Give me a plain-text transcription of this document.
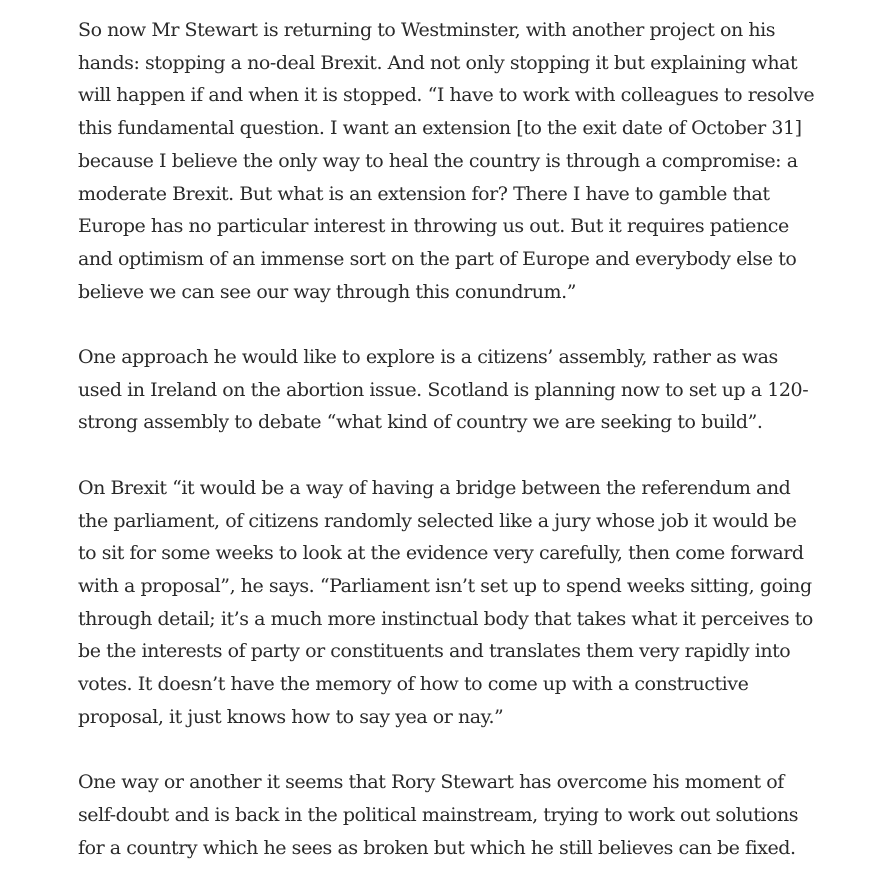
So now Mr Stewart is returning to Westminster, with another project on his hands: stopping a no-deal Brexit. And not only stopping it but explaining what will happen if and when it is stopped. “I have to work with colleagues to resolve this fundamental question. I want an extension [to the exit date of October 31] because I believe the only way to heal the country is through a compromise: a moderate Brexit. But what is an extension for? There I have to gamble that Europe has no particular interest in throwing us out. But it requires patience and optimism of an immense sort on the part of Europe and everybody else to believe we can see our way through this conundrum.”

One approach he would like to explore is a citizens’ assembly, rather as was used in Ireland on the abortion issue. Scotland is planning now to set up a 120-strong assembly to debate “what kind of country we are seeking to build”.

On Brexit “it would be a way of having a bridge between the referendum and the parliament, of citizens randomly selected like a jury whose job it would be to sit for some weeks to look at the evidence very carefully, then come forward with a proposal”, he says. “Parliament isn’t set up to spend weeks sitting, going through detail; it’s a much more instinctual body that takes what it perceives to be the interests of party or constituents and translates them very rapidly into votes. It doesn’t have the memory of how to come up with a constructive proposal, it just knows how to say yea or nay.”

One way or another it seems that Rory Stewart has overcome his moment of self-doubt and is back in the political mainstream, trying to work out solutions for a country which he sees as broken but which he still believes can be fixed.
